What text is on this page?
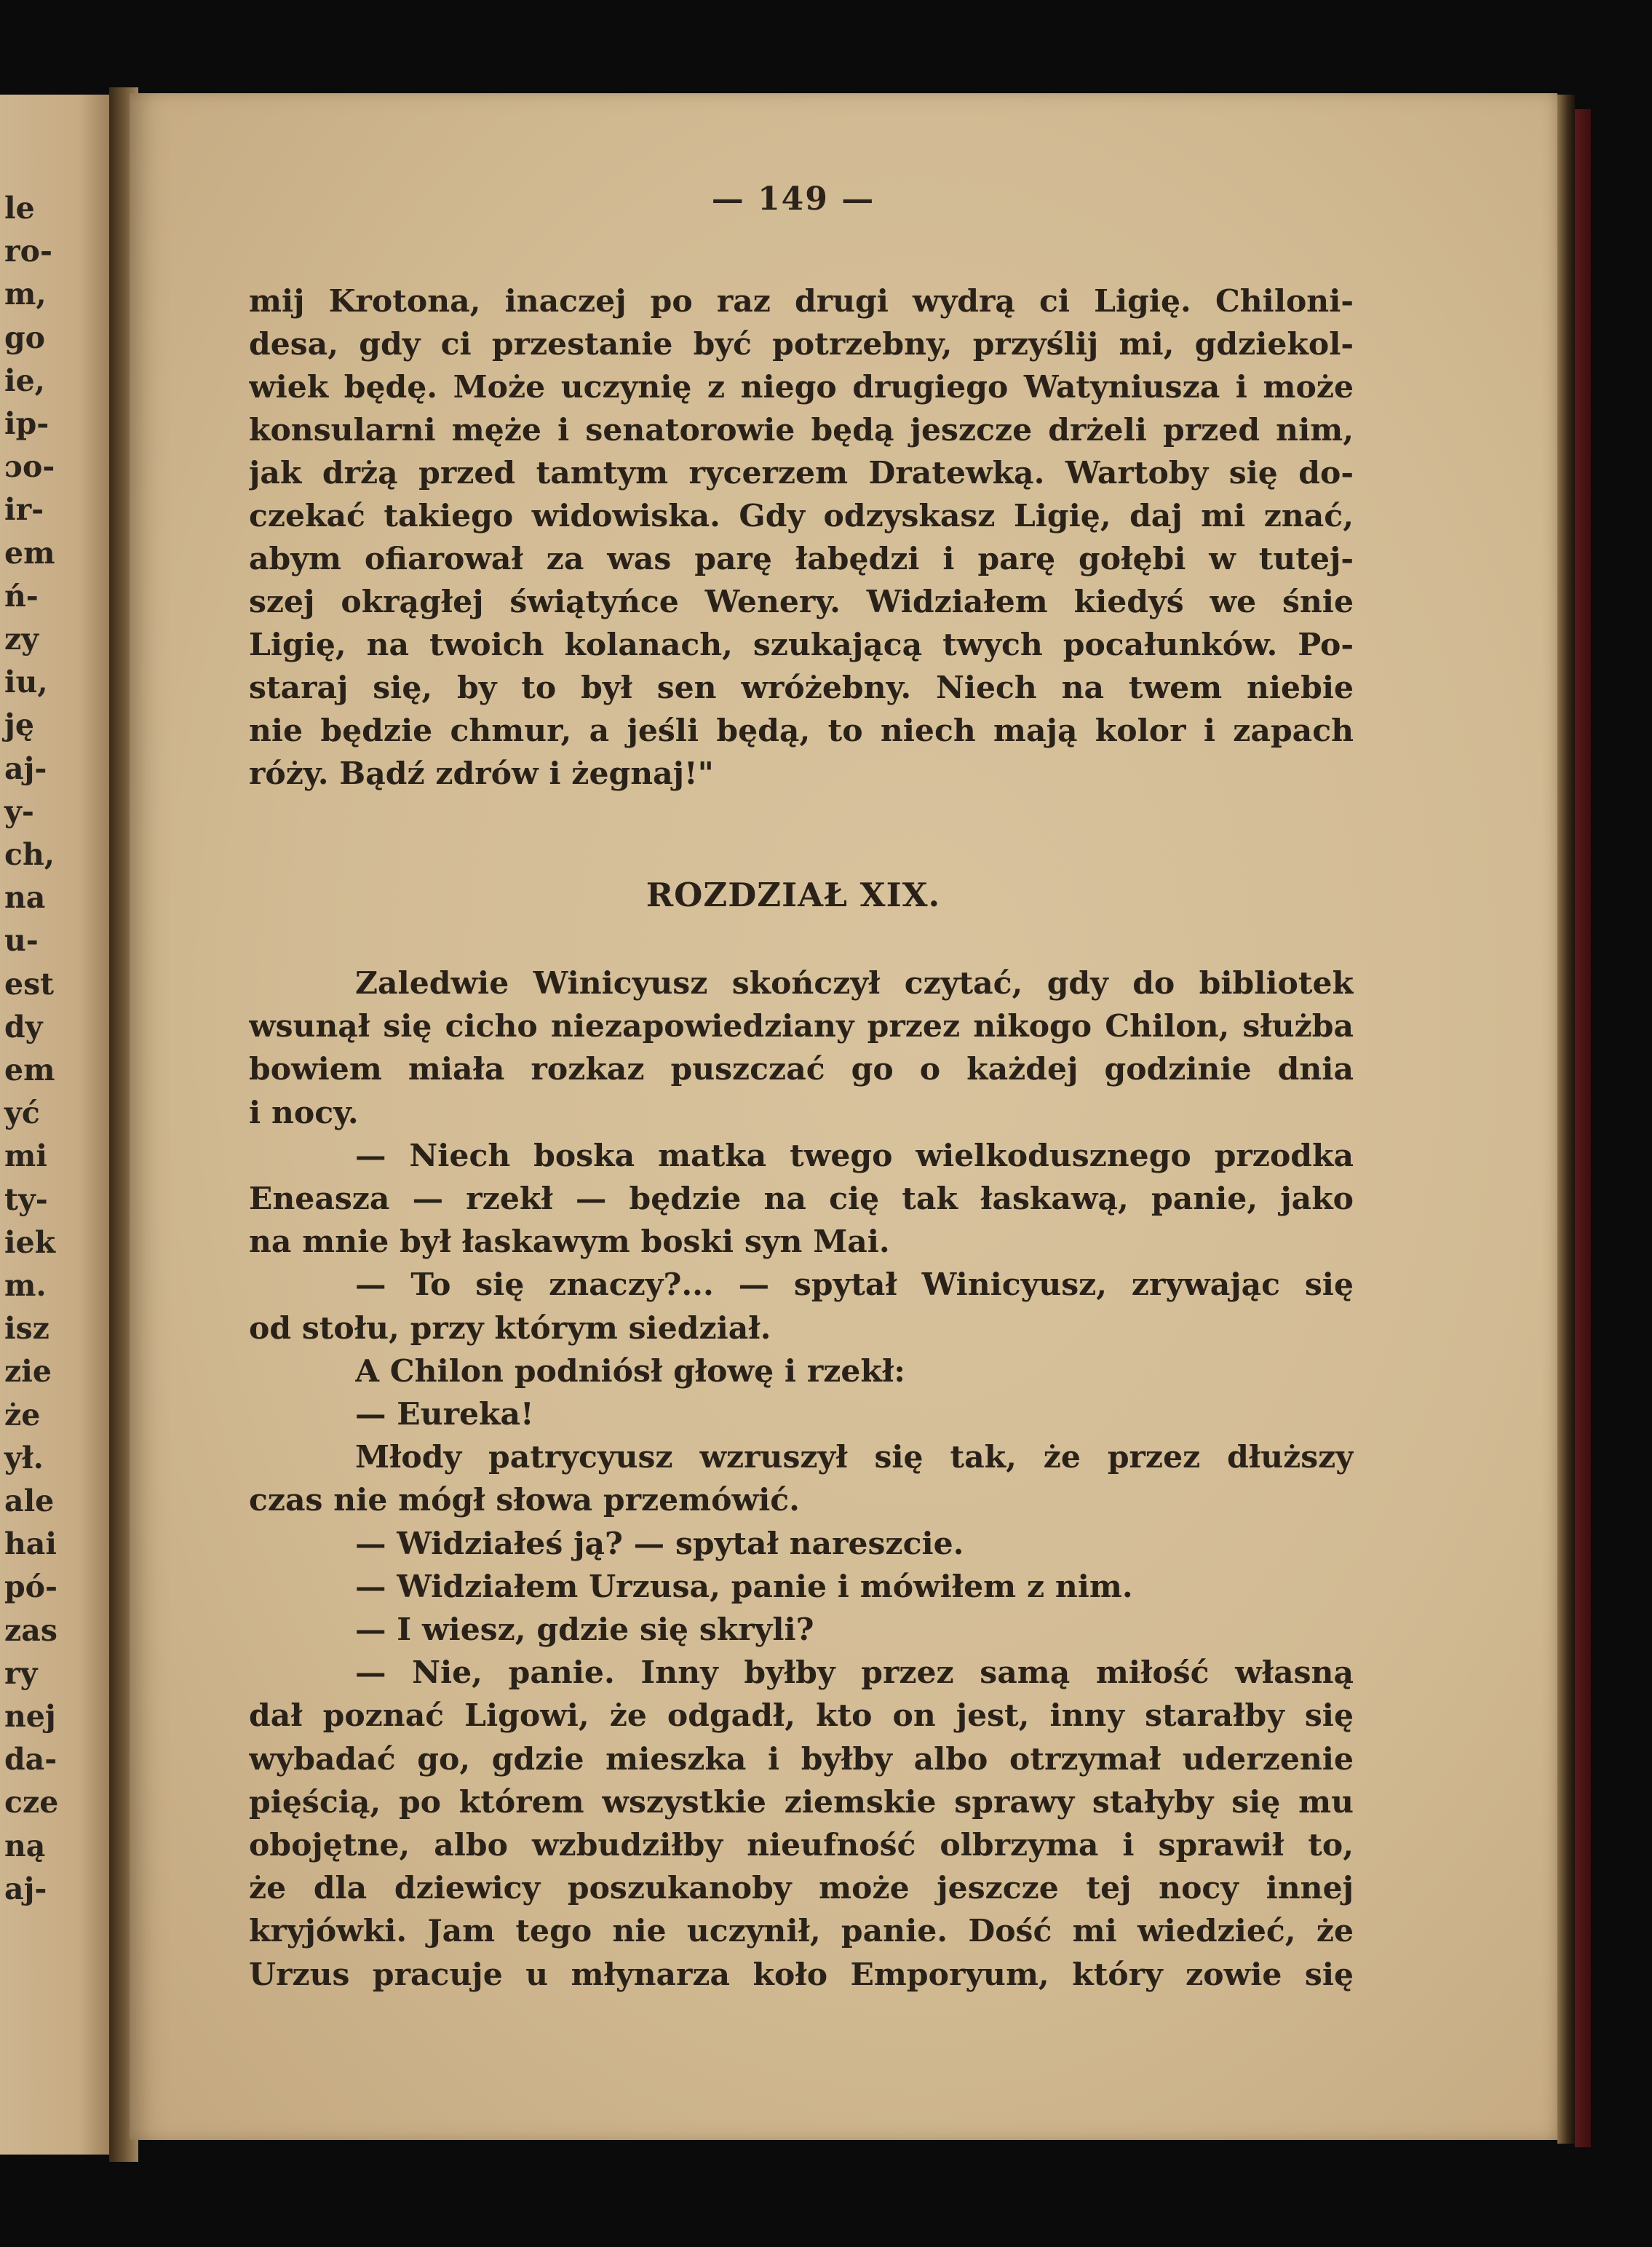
le
ro-
m,
go
ie,
ip-
ɔo-
ir-
em
ń-
zy
iu,
ję
aj-
y-
ch,
na
u-
est
dy
em
yć
mi
ty-
iek
m.
isz
zie
że
ył.
ale
hai
pó-
zas
ry
nej
da-
cze
ną
aj-
— 149 —
mij Krotona, inaczej po raz drugi wydrą ci Ligię. Chiloni-
desa, gdy ci przestanie być potrzebny, przyślij mi, gdziekol-
wiek będę. Może uczynię z niego drugiego Watyniusza i może
konsularni męże i senatorowie będą jeszcze drżeli przed nim,
jak drżą przed tamtym rycerzem Dratewką. Wartoby się do-
czekać takiego widowiska. Gdy odzyskasz Ligię, daj mi znać,
abym ofiarował za was parę łabędzi i parę gołębi w tutej-
szej okrągłej świątyńce Wenery. Widziałem kiedyś we śnie
Ligię, na twoich kolanach, szukającą twych pocałunków. Po-
staraj się, by to był sen wróżebny. Niech na twem niebie
nie będzie chmur, a jeśli będą, to niech mają kolor i zapach
róży. Bądź zdrów i żegnaj!"
ROZDZIAŁ XIX.
Zaledwie Winicyusz skończył czytać, gdy do bibliotek
wsunął się cicho niezapowiedziany przez nikogo Chilon, służba
bowiem miała rozkaz puszczać go o każdej godzinie dnia
i nocy.
— Niech boska matka twego wielkodusznego przodka
Eneasza — rzekł — będzie na cię tak łaskawą, panie, jako
na mnie był łaskawym boski syn Mai.
— To się znaczy?... — spytał Winicyusz, zrywając się
od stołu, przy którym siedział.
A Chilon podniósł głowę i rzekł:
— Eureka!
Młody patrycyusz wzruszył się tak, że przez dłuższy
czas nie mógł słowa przemówić.
— Widziałeś ją? — spytał nareszcie.
— Widziałem Urzusa, panie i mówiłem z nim.
— I wiesz, gdzie się skryli?
— Nie, panie. Inny byłby przez samą miłość własną
dał poznać Ligowi, że odgadł, kto on jest, inny starałby się
wybadać go, gdzie mieszka i byłby albo otrzymał uderzenie
pięścią, po którem wszystkie ziemskie sprawy stałyby się mu
obojętne, albo wzbudziłby nieufność olbrzyma i sprawił to,
że dla dziewicy poszukanoby może jeszcze tej nocy innej
kryjówki. Jam tego nie uczynił, panie. Dość mi wiedzieć, że
Urzus pracuje u młynarza koło Emporyum, który zowie się
